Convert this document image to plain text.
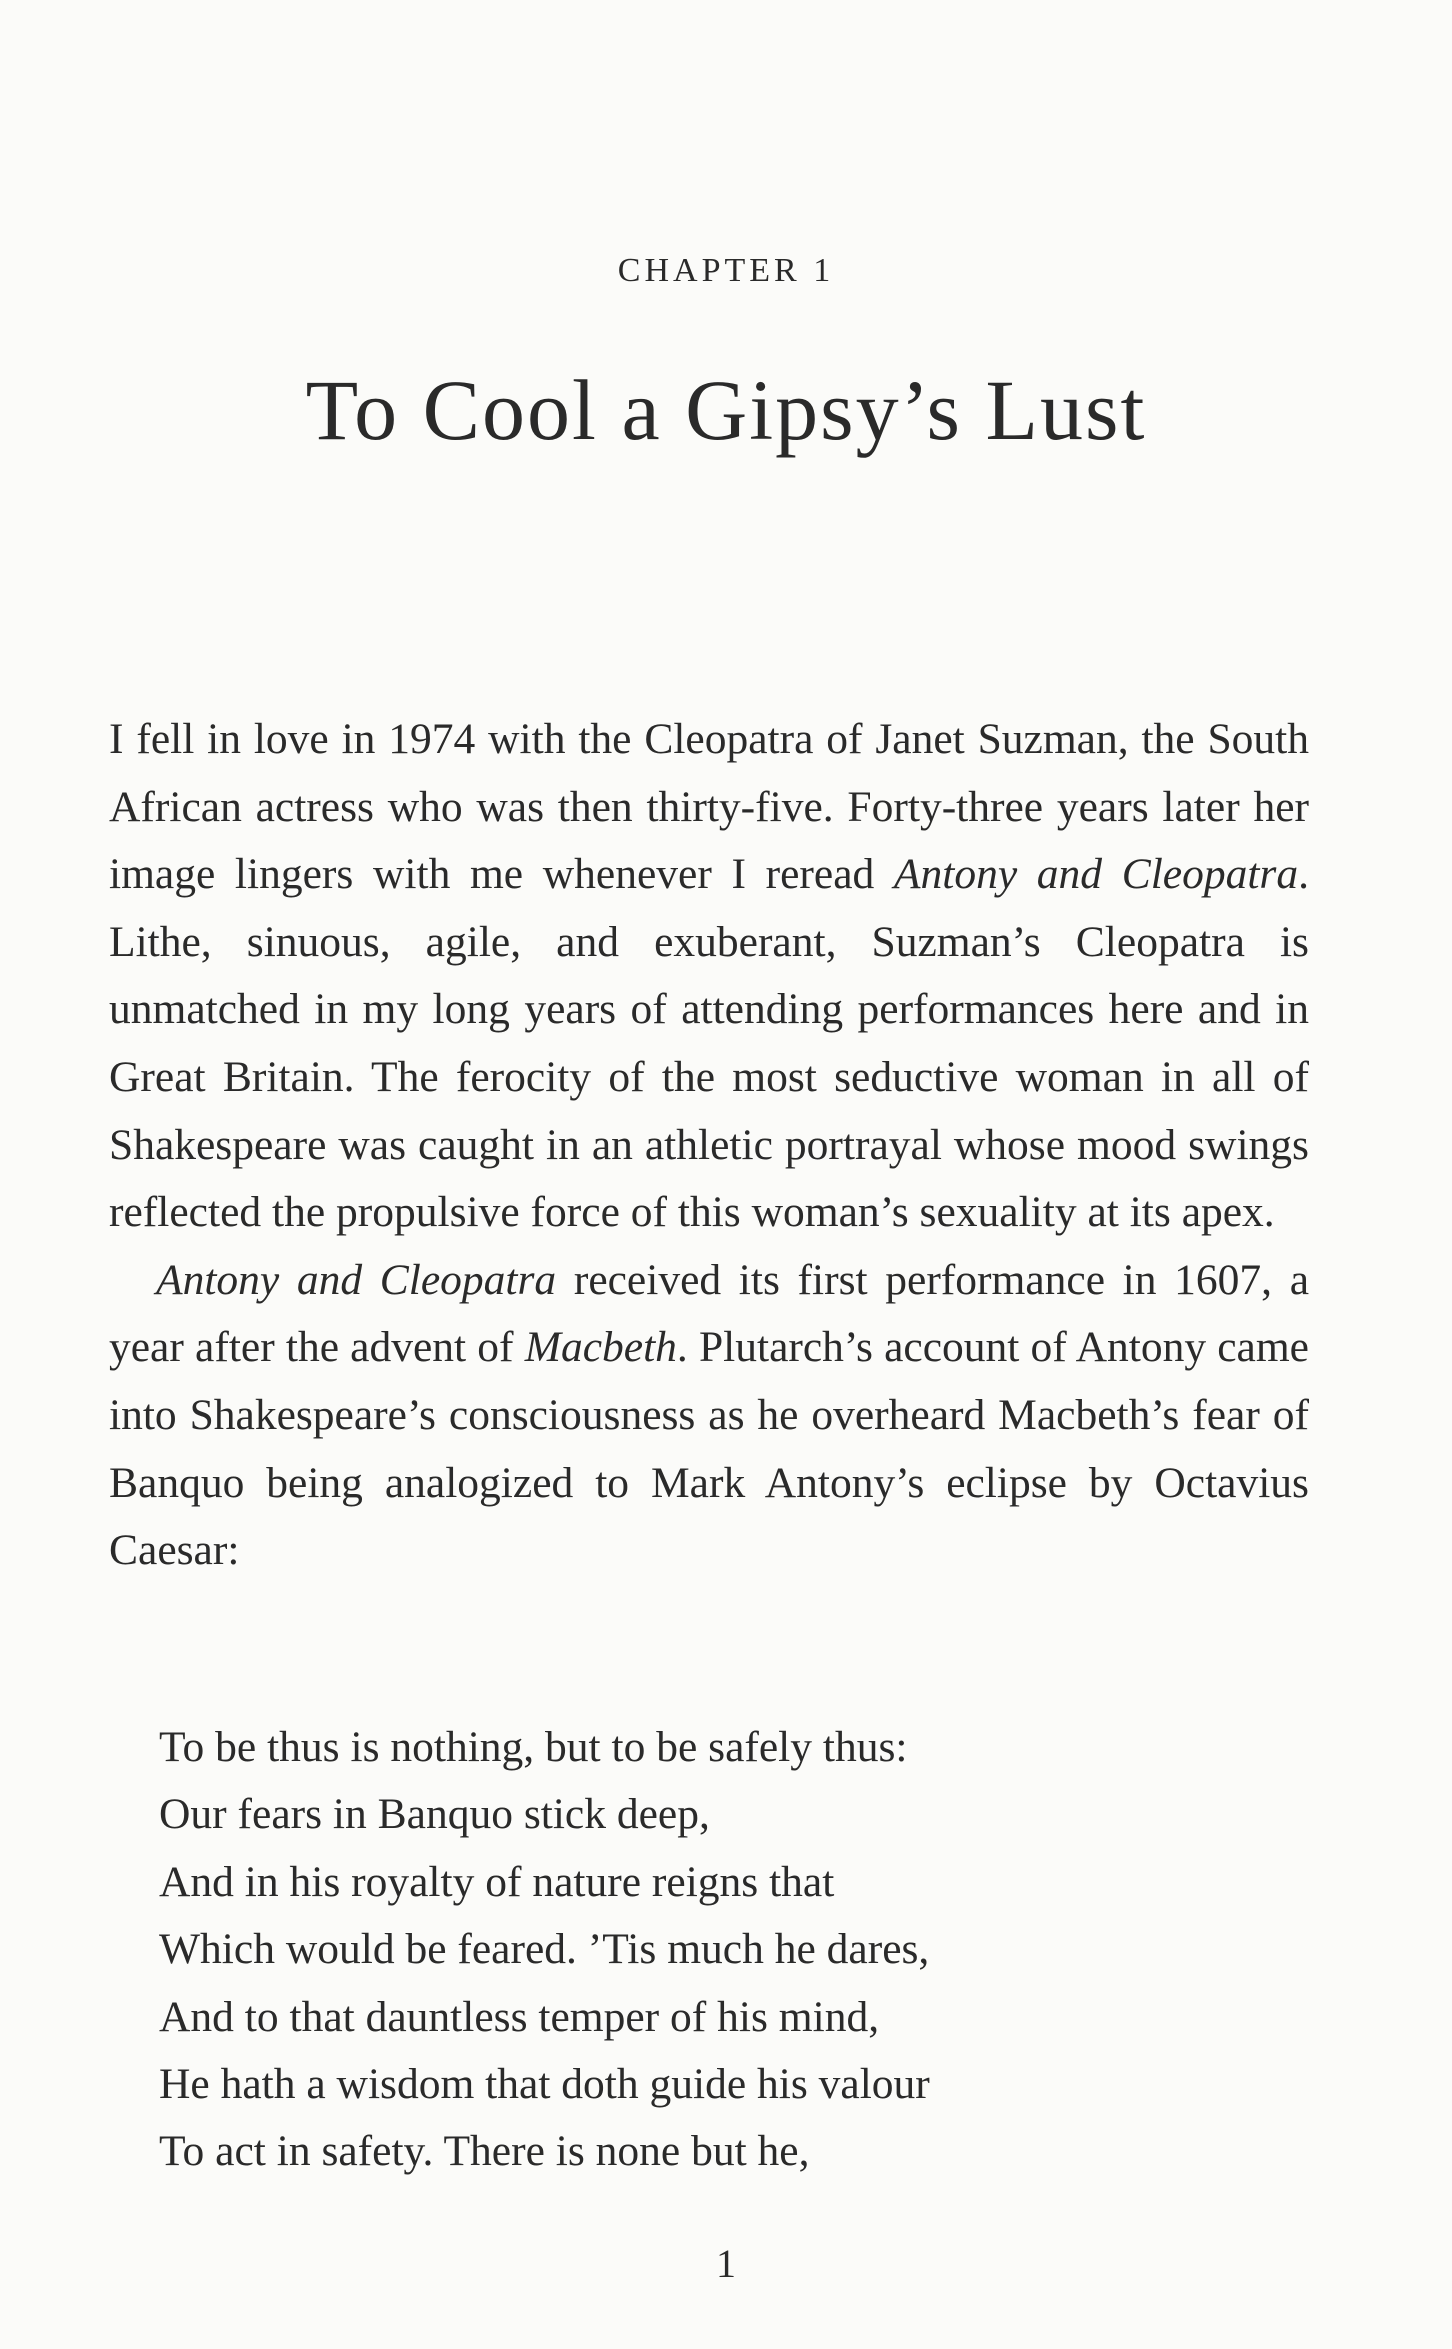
CHAPTER 1
To Cool a Gipsy’s Lust

I fell in love in 1974 with the Cleopatra of Janet Suzman, the South African actress who was then thirty-five. Forty-three years later her image lingers with me whenever I reread Antony and Cleopatra. Lithe, sinuous, agile, and exuberant, Suzman’s Cleopatra is unmatched in my long years of attending performances here and in Great Britain. The ferocity of the most seductive woman in all of Shakespeare was caught in an athletic portrayal whose mood swings reflected the propulsive force of this woman’s sexuality at its apex.

Antony and Cleopatra received its first performance in 1607, a year after the advent of Macbeth. Plutarch’s account of Antony came into Shakespeare’s consciousness as he overheard Macbeth’s fear of Banquo being analogized to Mark Antony’s eclipse by Octavius Caesar:

To be thus is nothing, but to be safely thus:
Our fears in Banquo stick deep,
And in his royalty of nature reigns that
Which would be feared. ’Tis much he dares,
And to that dauntless temper of his mind,
He hath a wisdom that doth guide his valour
To act in safety. There is none but he,
1
